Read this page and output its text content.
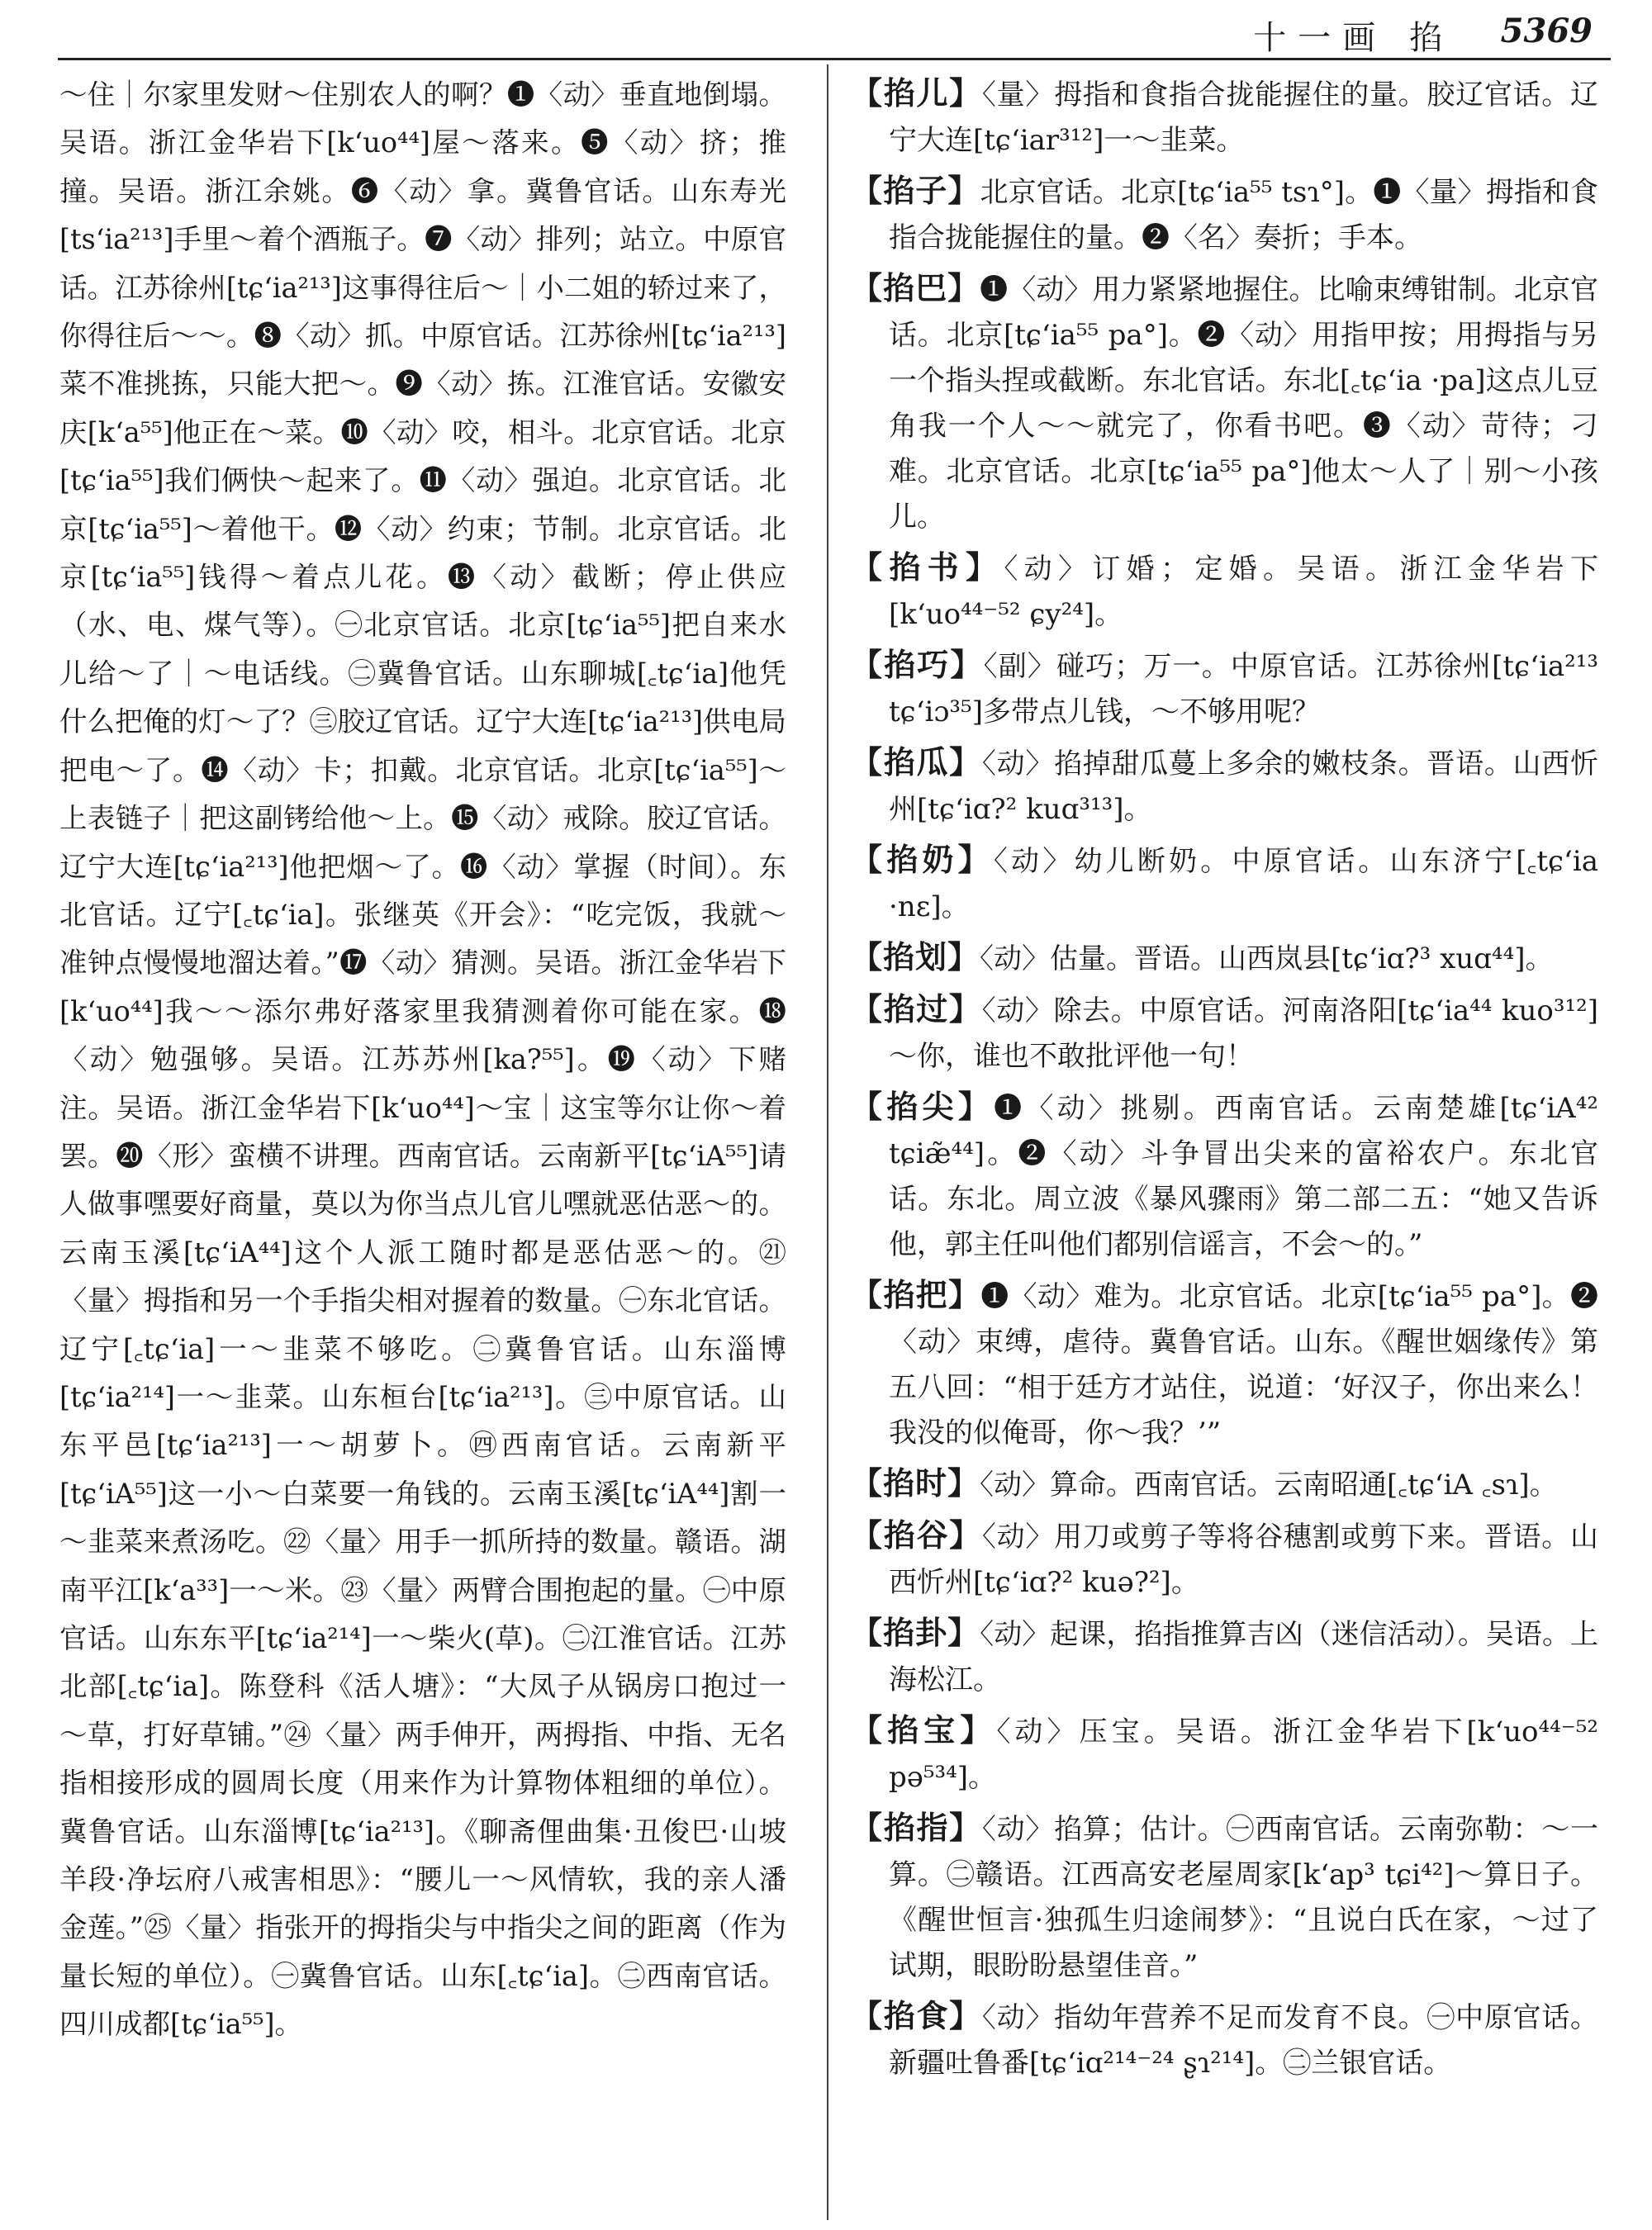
十一画 掐 5369
～住｜尔家里发财～住别农人的啊？❶〈动〉垂直地倒塌。吴语。浙江金华岩下[k‘uo⁴⁴]屋～落来。❺〈动〉挤；推撞。吴语。浙江余姚。❻〈动〉拿。冀鲁官话。山东寿光[ts‘ia²¹³]手里～着个酒瓶子。❼〈动〉排列；站立。中原官话。江苏徐州[tɕ‘ia²¹³]这事得往后～｜小二姐的轿过来了，你得往后～～。❽〈动〉抓。中原官话。江苏徐州[tɕ‘ia²¹³]菜不准挑拣，只能大把～。❾〈动〉拣。江淮官话。安徽安庆[k‘a⁵⁵]他正在～菜。❿〈动〉咬，相斗。北京官话。北京[tɕ‘ia⁵⁵]我们俩快～起来了。⓫〈动〉强迫。北京官话。北京[tɕ‘ia⁵⁵]～着他干。⓬〈动〉约束；节制。北京官话。北京[tɕ‘ia⁵⁵]钱得～着点儿花。⓭〈动〉截断；停止供应（水、电、煤气等）。㊀北京官话。北京[tɕ‘ia⁵⁵]把自来水儿给～了｜～电话线。㊁冀鲁官话。山东聊城[꜀tɕ‘ia]他凭什么把俺的灯～了？㊂胶辽官话。辽宁大连[tɕ‘ia²¹³]供电局把电～了。⓮〈动〉卡；扣戴。北京官话。北京[tɕ‘ia⁵⁵]～上表链子｜把这副铐给他～上。⓯〈动〉戒除。胶辽官话。辽宁大连[tɕ‘ia²¹³]他把烟～了。⓰〈动〉掌握（时间）。东北官话。辽宁[꜀tɕ‘ia]。张继英《开会》：“吃完饭，我就～准钟点慢慢地溜达着。”⓱〈动〉猜测。吴语。浙江金华岩下[k‘uo⁴⁴]我～～添尔弗好落家里我猜测着你可能在家。⓲〈动〉勉强够。吴语。江苏苏州[ka?⁵⁵]。⓳〈动〉下赌注。吴语。浙江金华岩下[k‘uo⁴⁴]～宝｜这宝等尔让你～着罢。⓴〈形〉蛮横不讲理。西南官话。云南新平[tɕ‘iA⁵⁵]请人做事嘿要好商量，莫以为你当点儿官儿嘿就恶估恶～的。云南玉溪[tɕ‘iA⁴⁴]这个人派工随时都是恶估恶～的。㉑〈量〉拇指和另一个手指尖相对握着的数量。㊀东北官话。辽宁[꜀tɕ‘ia]一～韭菜不够吃。㊁冀鲁官话。山东淄博[tɕ‘ia²¹⁴]一～韭菜。山东桓台[tɕ‘ia²¹³]。㊂中原官话。山东平邑[tɕ‘ia²¹³]一～胡萝卜。㊃西南官话。云南新平[tɕ‘iA⁵⁵]这一小～白菜要一角钱的。云南玉溪[tɕ‘iA⁴⁴]割一～韭菜来煮汤吃。㉒〈量〉用手一抓所持的数量。赣语。湖南平江[k‘a³³]一～米。㉓〈量〉两臂合围抱起的量。㊀中原官话。山东东平[tɕ‘ia²¹⁴]一～柴火(草)。㊁江淮官话。江苏北部[꜀tɕ‘ia]。陈登科《活人塘》：“大凤子从锅房口抱过一～草，打好草铺。”㉔〈量〉两手伸开，两拇指、中指、无名指相接形成的圆周长度（用来作为计算物体粗细的单位）。冀鲁官话。山东淄博[tɕ‘ia²¹³]。《聊斋俚曲集·丑俊巴·山坡羊段·净坛府八戒害相思》：“腰儿一～风情软，我的亲人潘金莲。”㉕〈量〉指张开的拇指尖与中指尖之间的距离（作为量长短的单位）。㊀冀鲁官话。山东[꜀tɕ‘ia]。㊁西南官话。四川成都[tɕ‘ia⁵⁵]。
【掐儿】〈量〉拇指和食指合拢能握住的量。胶辽官话。辽宁大连[tɕ‘iar³¹²]一～韭菜。
【掐子】北京官话。北京[tɕ‘ia⁵⁵ tsɿ°]。❶〈量〉拇指和食指合拢能握住的量。❷〈名〉奏折；手本。
【掐巴】❶〈动〉用力紧紧地握住。比喻束缚钳制。北京官话。北京[tɕ‘ia⁵⁵ pa°]。❷〈动〉用指甲按；用拇指与另一个指头捏或截断。东北官话。东北[꜀tɕ‘ia ·pa]这点儿豆角我一个人～～就完了，你看书吧。❸〈动〉苛待；刁难。北京官话。北京[tɕ‘ia⁵⁵ pa°]他太～人了｜别～小孩儿。
【掐书】〈动〉订婚；定婚。吴语。浙江金华岩下[k‘uo⁴⁴⁻⁵² ɕy²⁴]。
【掐巧】〈副〉碰巧；万一。中原官话。江苏徐州[tɕ‘ia²¹³ tɕ‘iɔ³⁵]多带点儿钱，～不够用呢？
【掐瓜】〈动〉掐掉甜瓜蔓上多余的嫩枝条。晋语。山西忻州[tɕ‘iɑ?² kuɑ³¹³]。
【掐奶】〈动〉幼儿断奶。中原官话。山东济宁[꜀tɕ‘ia ·nɛ]。
【掐划】〈动〉估量。晋语。山西岚县[tɕ‘iɑ?³ xuɑ⁴⁴]。
【掐过】〈动〉除去。中原官话。河南洛阳[tɕ‘ia⁴⁴ kuo³¹²]～你，谁也不敢批评他一句！
【掐尖】❶〈动〉挑剔。西南官话。云南楚雄[tɕ‘iA⁴² tɕiæ̃⁴⁴]。❷〈动〉斗争冒出尖来的富裕农户。东北官话。东北。周立波《暴风骤雨》第二部二五：“她又告诉他，郭主任叫他们都别信谣言，不会～的。”
【掐把】❶〈动〉难为。北京官话。北京[tɕ‘ia⁵⁵ pa°]。❷〈动〉束缚，虐待。冀鲁官话。山东。《醒世姻缘传》第五八回：“相于廷方才站住，说道：‘好汉子，你出来么！我没的似俺哥，你～我？’”
【掐时】〈动〉算命。西南官话。云南昭通[꜀tɕ‘iA ꜀sɿ]。
【掐谷】〈动〉用刀或剪子等将谷穗割或剪下来。晋语。山西忻州[tɕ‘iɑ?² kuə?²]。
【掐卦】〈动〉起课，掐指推算吉凶（迷信活动）。吴语。上海松江。
【掐宝】〈动〉压宝。吴语。浙江金华岩下[k‘uo⁴⁴⁻⁵² pə⁵³⁴]。
【掐指】〈动〉掐算；估计。㊀西南官话。云南弥勒：～一算。㊁赣语。江西高安老屋周家[k‘ap³ tɕi⁴²]～算日子。《醒世恒言·独孤生归途闹梦》：“且说白氏在家，～过了试期，眼盼盼悬望佳音。”
【掐食】〈动〉指幼年营养不足而发育不良。㊀中原官话。新疆吐鲁番[tɕ‘iɑ²¹⁴⁻²⁴ ʂɿ²¹⁴]。㊁兰银官话。
